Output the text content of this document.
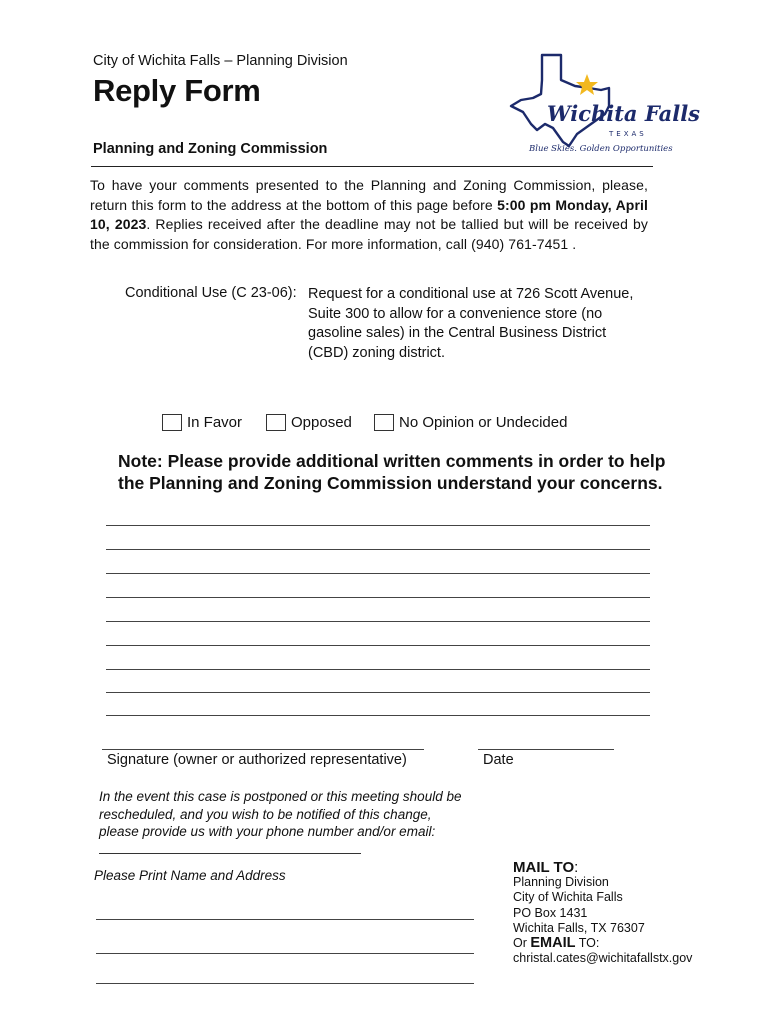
City of Wichita Falls – Planning Division
Reply Form
Planning and Zoning Commission
Wichita Falls
TEXAS
Blue Skies. Golden Opportunities
To have your comments presented to the Planning and Zoning Commission, please, return this form to the address at the bottom of this page before 5:00 pm Monday, April 10, 2023. Replies received after the deadline may not be tallied but will be received by the commission for consideration. For more information, call (940) 761-7451 .
Conditional Use (C 23-06): Request for a conditional use at 726 Scott Avenue,
Suite 300 to allow for a convenience store (no
gasoline sales) in the Central Business District
(CBD) zoning district.
In Favor	Opposed	No Opinion or Undecided
Note: Please provide additional written comments in order to help the Planning and Zoning Commission understand your concerns.
Signature (owner or authorized representative)	Date
In the event this case is postponed or this meeting should be
rescheduled, and you wish to be notified of this change,
please provide us with your phone number and/or email:
Please Print Name and Address	MAIL TO:
Planning Division
City of Wichita Falls
PO Box 1431
Wichita Falls, TX 76307
Or EMAIL TO:
christal.cates@wichitafallstx.gov
